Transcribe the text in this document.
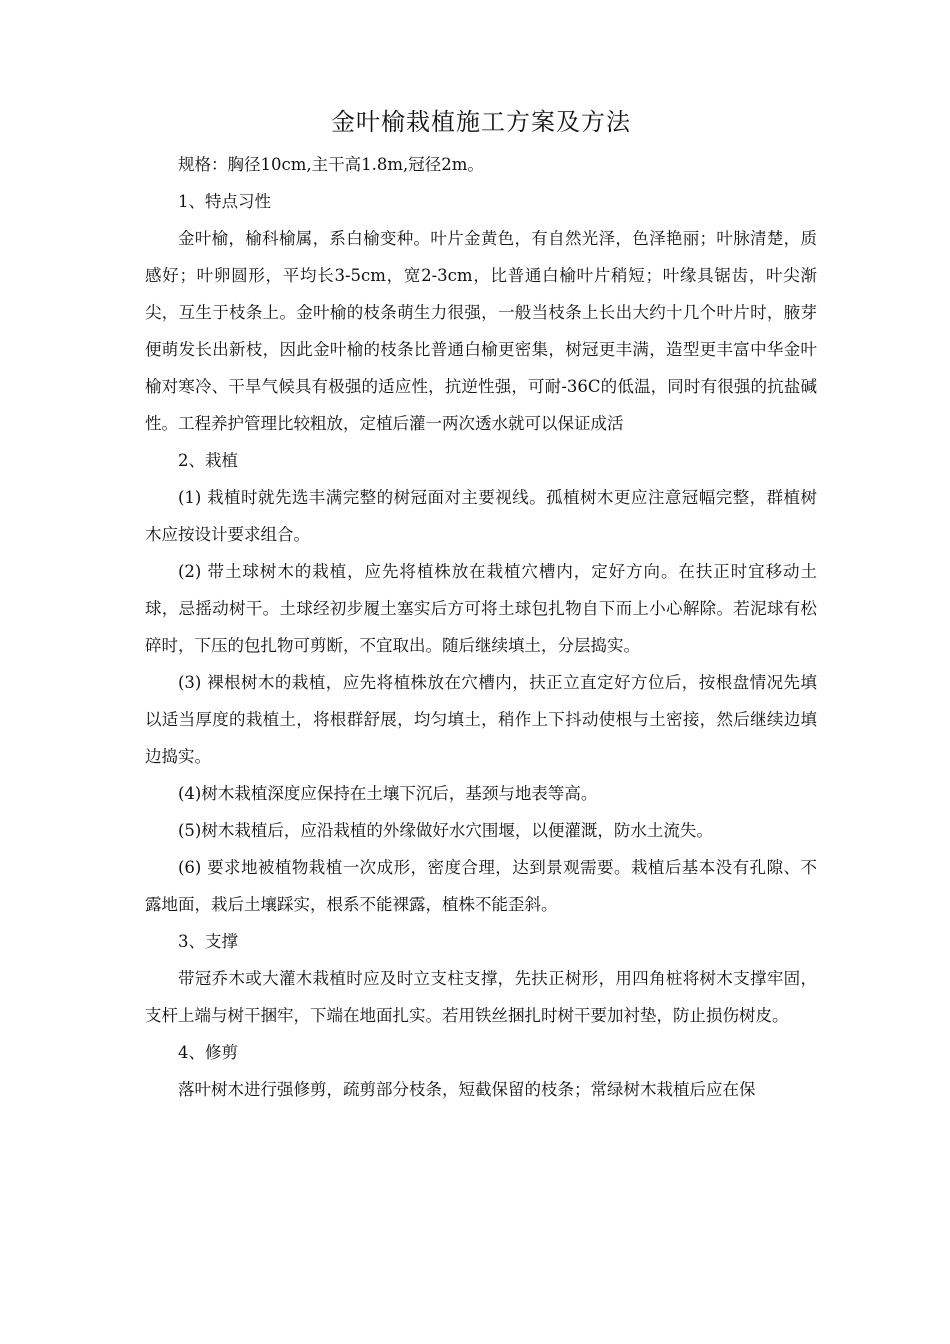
金叶榆栽植施工方案及方法

规格：胸径10cm,主干高1.8m,冠径2m。

1、特点习性

金叶榆，榆科榆属，系白榆变种。叶片金黄色，有自然光泽，色泽艳丽；叶脉清楚，质感好；叶卵圆形，平均长3-5cm，宽2-3cm，比普通白榆叶片稍短；叶缘具锯齿，叶尖渐尖，互生于枝条上。金叶榆的枝条萌生力很强，一般当枝条上长出大约十几个叶片时，腋芽便萌发长出新枝，因此金叶榆的枝条比普通白榆更密集，树冠更丰满，造型更丰富中华金叶榆对寒冷、干旱气候具有极强的适应性，抗逆性强，可耐-36C的低温，同时有很强的抗盐碱性。工程养护管理比较粗放，定植后灌一两次透水就可以保证成活

2、栽植

(1) 栽植时就先选丰满完整的树冠面对主要视线。孤植树木更应注意冠幅完整，群植树木应按设计要求组合。

(2) 带土球树木的栽植，应先将植株放在栽植穴槽内，定好方向。在扶正时宜移动土球，忌摇动树干。土球经初步履土塞实后方可将土球包扎物自下而上小心解除。若泥球有松碎时，下压的包扎物可剪断，不宜取出。随后继续填土，分层捣实。

(3) 裸根树木的栽植，应先将植株放在穴槽内，扶正立直定好方位后，按根盘情况先填以适当厚度的栽植土，将根群舒展，均匀填土，稍作上下抖动使根与土密接，然后继续边填边捣实。

(4)树木栽植深度应保持在土壤下沉后，基颈与地表等高。

(5)树木栽植后，应沿栽植的外缘做好水穴围堰，以便灌溉，防水土流失。

(6) 要求地被植物栽植一次成形，密度合理，达到景观需要。栽植后基本没有孔隙、不露地面，栽后土壤踩实，根系不能裸露，植株不能歪斜。

3、支撑

带冠乔木或大灌木栽植时应及时立支柱支撑，先扶正树形，用四角桩将树木支撑牢固，支杆上端与树干捆牢，下端在地面扎实。若用铁丝捆扎时树干要加衬垫，防止损伤树皮。

4、修剪

落叶树木进行强修剪，疏剪部分枝条，短截保留的枝条；常绿树木栽植后应在保
